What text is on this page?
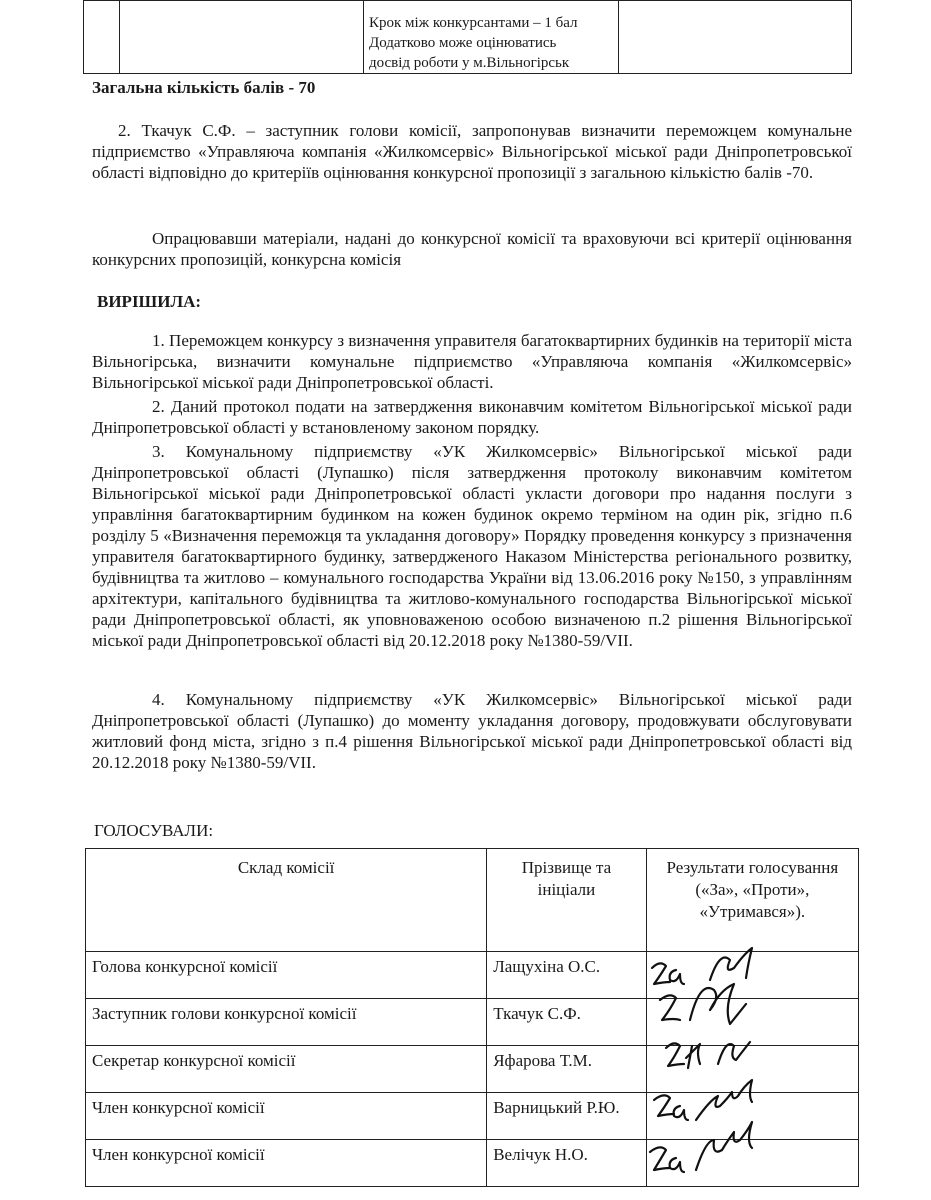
Крок між конкурсантами – 1 бал
Додатково може оцінюватись
досвід роботи у м.Вільногірськ

Загальна кількість балів - 70
2. Ткачук С.Ф. – заступник голови комісії, запропонував визначити переможцем комунальне підприємство «Управляюча компанія «Жилкомсервіс» Вільногірської міської ради Дніпропетровської області відповідно до критеріїв оцінювання конкурсної пропозиції з загальною кількістю балів -70.
Опрацювавши матеріали, надані до конкурсної комісії та враховуючи всі критерії оцінювання конкурсних пропозицій, конкурсна комісія
ВИРІШИЛА:
1. Переможцем конкурсу з визначення управителя багатоквартирних будинків на території міста Вільногірська, визначити комунальне підприємство «Управляюча компанія «Жилкомсервіс» Вільногірської міської ради Дніпропетровської області.
2. Даний протокол подати на затвердження виконавчим комітетом Вільногірської міської ради Дніпропетровської області у встановленому законом порядку.
3. Комунальному підприємству «УК Жилкомсервіс» Вільногірської міської ради Дніпропетровської області (Лупашко) після затвердження протоколу виконавчим комітетом Вільногірської міської ради Дніпропетровської області укласти договори про надання послуги з управління багатоквартирним будинком на кожен будинок окремо терміном на один рік, згідно п.6 розділу 5 «Визначення переможця та укладання договору» Порядку проведення конкурсу з призначення управителя багатоквартирного будинку, затвердженого Наказом Міністерства регіонального розвитку, будівництва та житлово – комунального господарства України від 13.06.2016 року №150, з управлінням архітектури, капітального будівництва та житлово-комунального господарства Вільногірської міської ради Дніпропетровської області, як уповноваженою особою визначеною п.2 рішення Вільногірської міської ради Дніпропетровської області від 20.12.2018 року №1380-59/VII.
4. Комунальному підприємству «УК Жилкомсервіс» Вільногірської міської ради Дніпропетровської області (Лупашко) до моменту укладання договору, продовжувати обслуговувати житловий фонд міста, згідно з п.4 рішення Вільногірської міської ради Дніпропетровської області від 20.12.2018 року №1380-59/VII.
ГОЛОСУВАЛИ:
Склад комісії	Прізвище та ініціали	Результати голосування («За», «Проти», «Утримався»).
Голова конкурсної комісії	Лащухіна О.С.	
Заступник голови конкурсної комісії	Ткачук С.Ф.	
Секретар конкурсної комісії	Яфарова Т.М.	
Член конкурсної комісії	Варницький Р.Ю.	
Член конкурсної комісії	Велічук Н.О.	
